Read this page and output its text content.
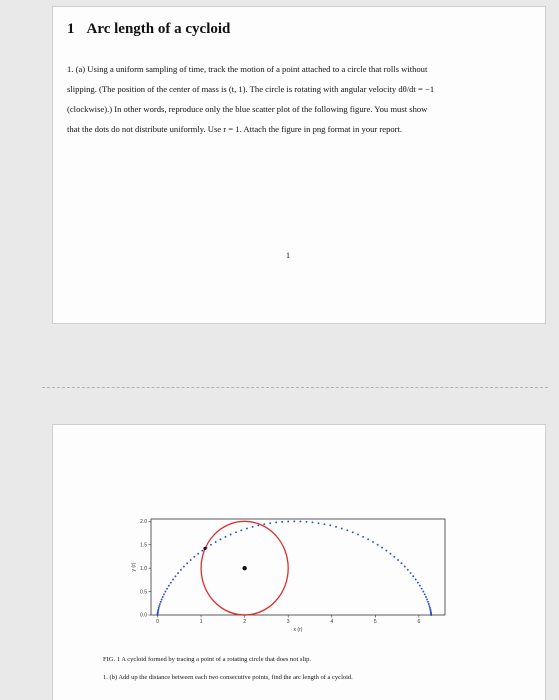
1 Arc length of a cycloid

1. (a) Using a uniform sampling of time, track the motion of a point attached to a circle that rolls without
slipping. (The position of the center of mass is (t, 1). The circle is rotating with angular velocity dθ/dt = −1
(clockwise).) In other words, reproduce only the blue scatter plot of the following figure. You must show
that the dots do not distribute uniformly. Use r = 1. Attach the figure in png format in your report.

1
0	1	2	3	4	5	6
0.0
0.5
1.0
1.5
2.0
x (r)
y (r)

FIG. 1 A cycloid formed by tracing a point of a rotating circle that does not slip.
1. (b) Add up the distance between each two consecutive points, find the arc length of a cycloid.
